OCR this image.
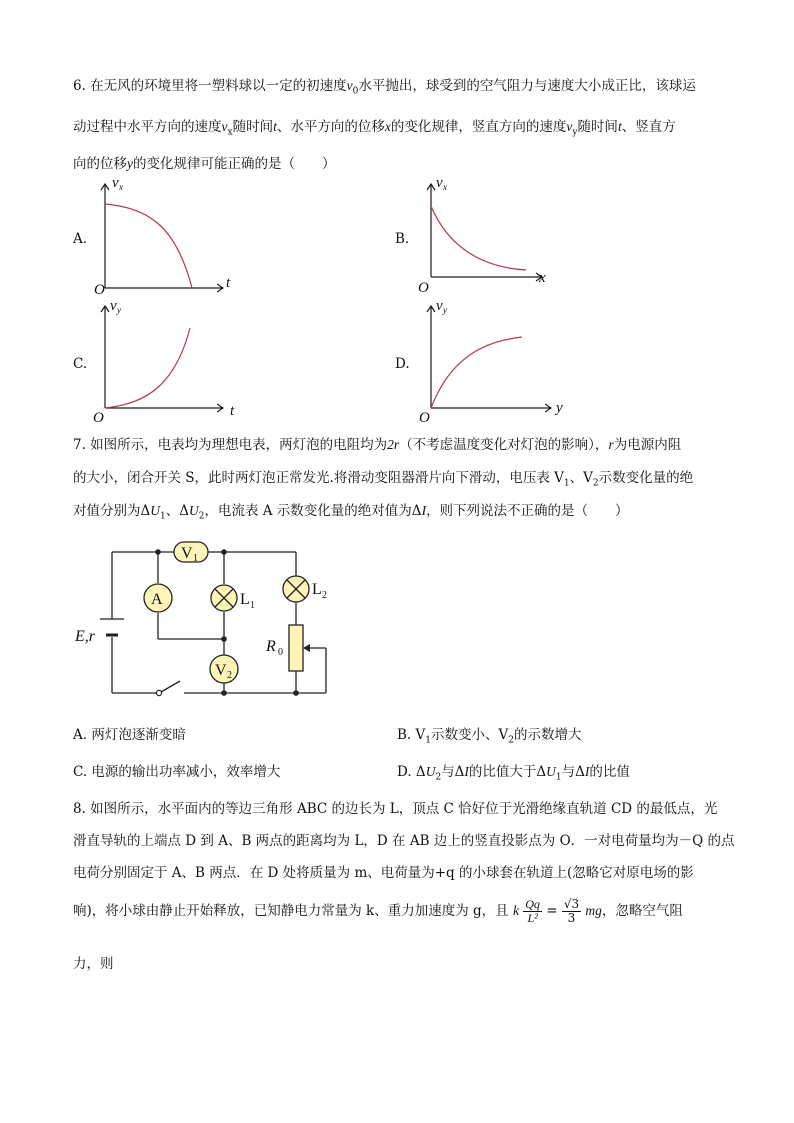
6. 在无风的环境里将一塑料球以一定的初速度$v_0$水平抛出，球受到的空气阻力与速度大小成正比，该球运
动过程中水平方向的速度$v_x$随时间t、水平方向的位移x的变化规律，竖直方向的速度$v_y$随时间t、竖直方
向的位移y的变化规律可能正确的是（　　）
A.
v x
t
O
B.
v x
x
O
C.
v y
t
O
D.
v y
y
O
7. 如图所示，电表均为理想电表，两灯泡的电阻均为2r（不考虑温度变化对灯泡的影响），r为电源内阻
的大小，闭合开关 S，此时两灯泡正常发光.将滑动变阻器滑片向下滑动，电压表 $V_1$、$V_2$示数变化量的绝
对值分别为$\Delta U_1$、$\Delta U_2$，电流表 A 示数变化量的绝对值为ΔI，则下列说法不正确的是（　　）
E,r
A
V 1
L 1
V 2
L 2
R 0
A. 两灯泡逐渐变暗	B. $V_1$示数变小、$V_2$的示数增大
C. 电源的输出功率减小，效率增大	D. $\Delta U_2$与ΔI的比值大于$\Delta U_1$与ΔI的比值
8. 如图所示，水平面内的等边三角形 ABC 的边长为 L，顶点 C 恰好位于光滑绝缘直轨道 CD 的最低点，光
滑直导轨的上端点 D 到 A、B 两点的距离均为 L，D 在 AB 边上的竖直投影点为 O．一对电荷量均为－Q 的点
电荷分别固定于 A、B 两点．在 D 处将质量为 m、电荷量为+q 的小球套在轨道上(忽略它对原电场的影
响)，将小球由静止开始释放，已知静电力常量为 k、重力加速度为 g，且 k $\frac{Qq}{\text{L²}} = \frac{√3}{3}$ mg，忽略空气阻
力，则
